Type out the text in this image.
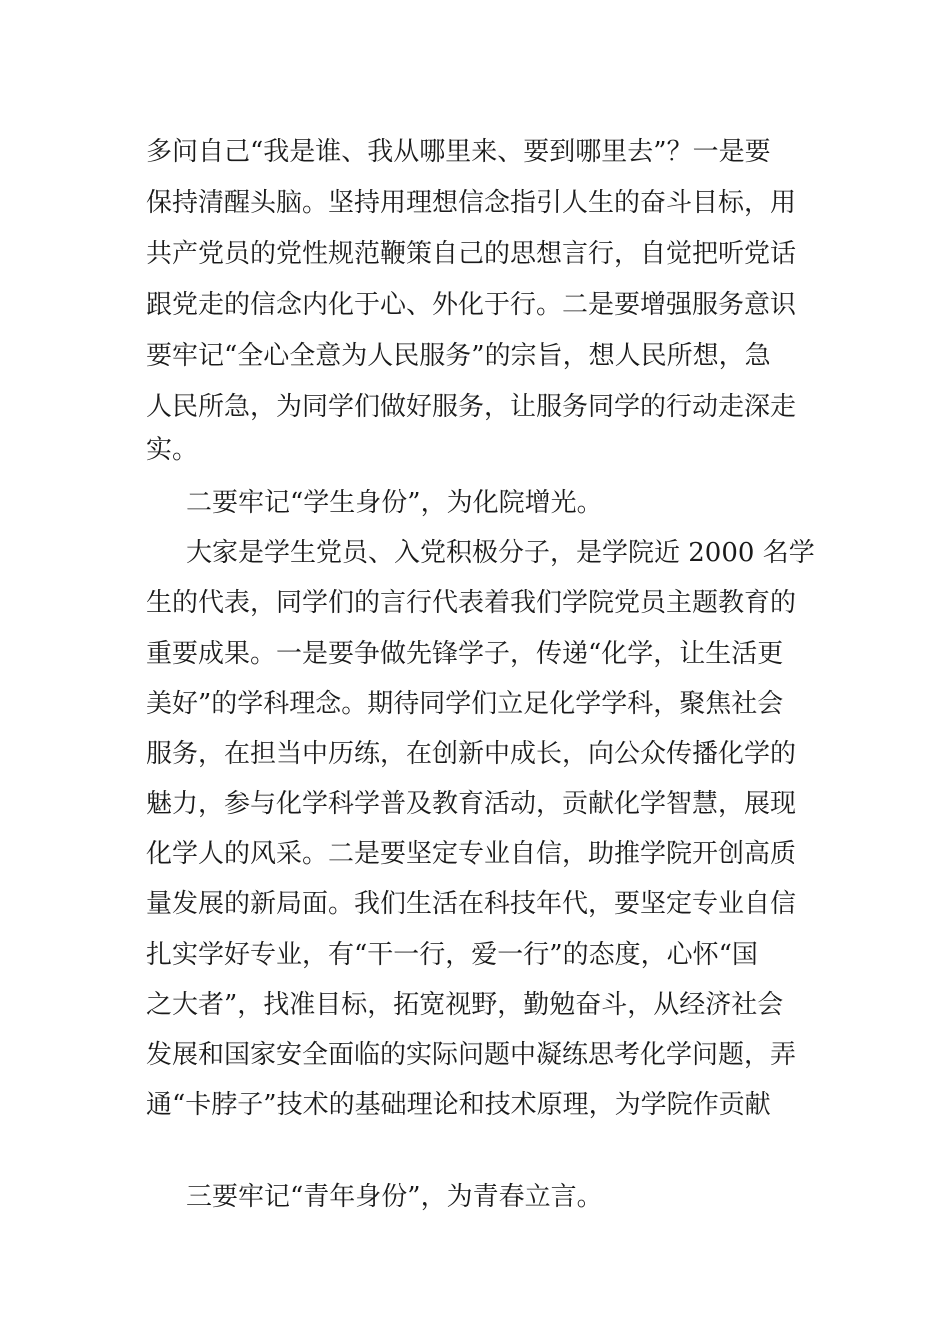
多问自己“我是谁、我从哪里来、要到哪里去”？一是要
保持清醒头脑。坚持用理想信念指引人生的奋斗目标，用
共产党员的党性规范鞭策自己的思想言行，自觉把听党话
跟党走的信念内化于心、外化于行。二是要增强服务意识
要牢记“全心全意为人民服务”的宗旨，想人民所想，急
人民所急，为同学们做好服务，让服务同学的行动走深走
实。
二要牢记“学生身份”，为化院增光。
大家是学生党员、入党积极分子，是学院近 2000 名学
生的代表，同学们的言行代表着我们学院党员主题教育的
重要成果。一是要争做先锋学子，传递“化学，让生活更
美好”的学科理念。期待同学们立足化学学科，聚焦社会
服务，在担当中历练，在创新中成长，向公众传播化学的
魅力，参与化学科学普及教育活动，贡献化学智慧，展现
化学人的风采。二是要坚定专业自信，助推学院开创高质
量发展的新局面。我们生活在科技年代，要坚定专业自信
扎实学好专业，有“干一行，爱一行”的态度，心怀“国
之大者”，找准目标，拓宽视野，勤勉奋斗，从经济社会
发展和国家安全面临的实际问题中凝练思考化学问题，弄
通“卡脖子”技术的基础理论和技术原理，为学院作贡献
三要牢记“青年身份”，为青春立言。
